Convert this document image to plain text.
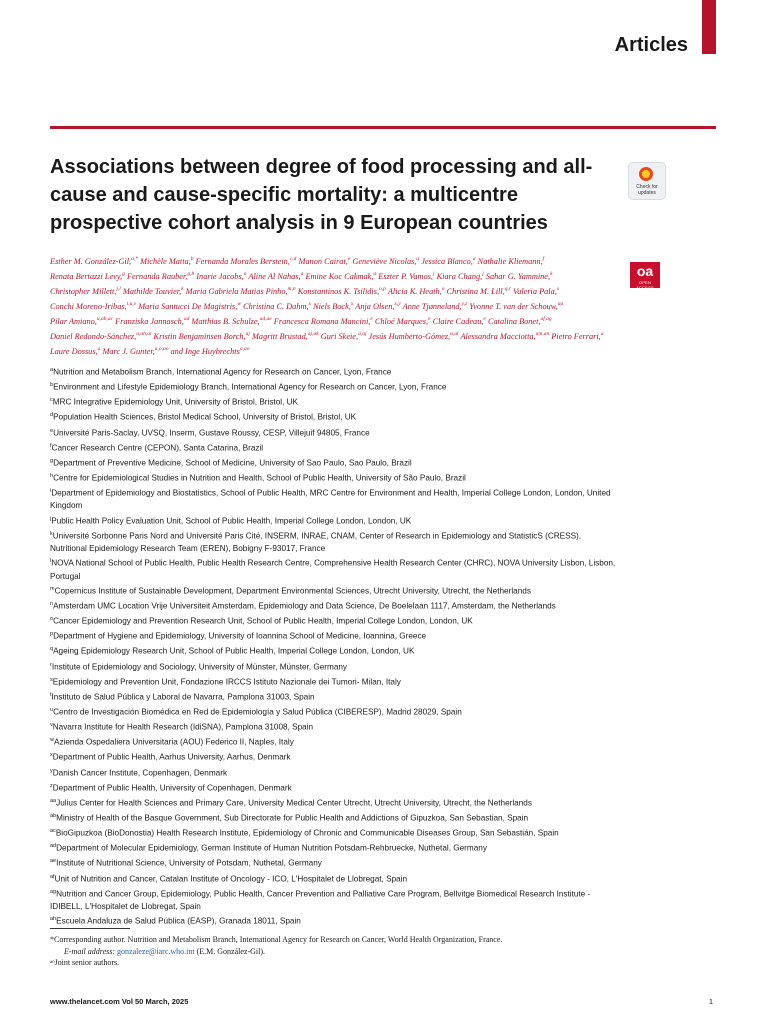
Articles
Associations between degree of food processing and all-cause and cause-specific mortality: a multicentre prospective cohort analysis in 9 European countries
Check for updates
oa
OPEN ACCESS
Esther M. González-Gil,$^{a,*}$ Michèle Matta,$^b$ Fernanda Morales Berstein,$^{c,d}$ Manon Cairat,$^e$ Geneviève Nicolas,$^a$ Jessica Blanco,$^a$ Nathalie Kliemann,$^f$ Renata Bertazzi Levy,$^g$ Fernanda Rauber,$^{g,h}$ Inarie Jacobs,$^a$ Aline Al Nahas,$^a$ Emine Koc Cakmak,$^a$ Eszter P. Vamos,$^j$ Kiara Chang,$^j$ Sahar G. Yammine,$^k$ Christopher Millett,$^{j,l}$ Mathilde Touvier,$^k$ Maria Gabriela Matias Pinho,$^{m,n}$ Konstantinos K. Tsilidis,$^{o,p}$ Alicia K. Heath,$^o$ Christina M. Lill,$^{q,r}$ Valeria Pala,$^s$ Conchi Moreno-Iribas,$^{t,u,v}$ Maria Santucci De Magistris,$^w$ Christina C. Dahm,$^x$ Niels Bock,$^x$ Anja Olsen,$^{x,y}$ Anne Tjønneland,$^{y,z}$ Yvonne T. van der Schouw,$^{aa}$ Pilar Amiano,$^{u,ab,ac}$ Franziska Jannasch,$^{ad}$ Matthias B. Schulze,$^{ad,ae}$ Francesca Romana Mancini,$^e$ Chloé Marques,$^e$ Claire Cadeau,$^e$ Catalina Bonet,$^{af,ag}$ Daniel Redondo-Sánchez,$^{u,ah,ai}$ Kristin Benjaminsen Borch,$^{aj}$ Magritt Brustad,$^{aj,ak}$ Guri Skeie,$^{a,aj}$ Jesús Humberto-Gómez,$^{u,al}$ Alessandra Macciotta,$^{am,an}$ Pietro Ferrari,$^a$ Laure Dossus,$^a$ Marc J. Gunter,$^{a,o,ao}$ and Inge Huybrechts$^{a,ao}$
$^a$Nutrition and Metabolism Branch, International Agency for Research on Cancer, Lyon, France
$^b$Environment and Lifestyle Epidemiology Branch, International Agency for Research on Cancer, Lyon, France
$^c$MRC Integrative Epidemiology Unit, University of Bristol, Bristol, UK
$^d$Population Health Sciences, Bristol Medical School, University of Bristol, Bristol, UK
$^e$Université Paris-Saclay, UVSQ, Inserm, Gustave Roussy, CESP, Villejuif 94805, France
$^f$Cancer Research Centre (CEPON), Santa Catarina, Brazil
$^g$Department of Preventive Medicine, School of Medicine, University of Sao Paulo, Sao Paulo, Brazil
$^h$Centre for Epidemiological Studies in Nutrition and Health, School of Public Health, University of São Paulo, Brazil
$^i$Department of Epidemiology and Biostatistics, School of Public Health, MRC Centre for Environment and Health, Imperial College London, London, United Kingdom
$^j$Public Health Policy Evaluation Unit, School of Public Health, Imperial College London, London, UK
$^k$Université Sorbonne Paris Nord and Université Paris Cité, INSERM, INRAE, CNAM, Center of Research in Epidemiology and StatisticS (CRESS), Nutritional Epidemiology Research Team (EREN), Bobigny F-93017, France
$^l$NOVA National School of Public Health, Public Health Research Centre, Comprehensive Health Research Center (CHRC), NOVA University Lisbon, Lisbon, Portugal
$^m$Copernicus Institute of Sustainable Development, Department Environmental Sciences, Utrecht University, Utrecht, the Netherlands
$^n$Amsterdam UMC Location Vrije Universiteit Amsterdam, Epidemiology and Data Science, De Boelelaan 1117, Amsterdam, the Netherlands
$^o$Cancer Epidemiology and Prevention Research Unit, School of Public Health, Imperial College London, London, UK
$^p$Department of Hygiene and Epidemiology, University of Ioannina School of Medicine, Ioannina, Greece
$^q$Ageing Epidemiology Research Unit, School of Public Health, Imperial College London, London, UK
$^r$Institute of Epidemiology and Sociology, University of Münster, Münster, Germany
$^s$Epidemiology and Prevention Unit, Fondazione IRCCS Istituto Nazionale dei Tumori- Milan, Italy
$^t$Instituto de Salud Pública y Laboral de Navarra, Pamplona 31003, Spain
$^u$Centro de Investigación Biomédica en Red de Epidemiología y Salud Pública (CIBERESP), Madrid 28029, Spain
$^v$Navarra Institute for Health Research (IdiSNA), Pamplona 31008, Spain
$^w$Azienda Ospedaliera Universitaria (AOU) Federico II, Naples, Italy
$^x$Department of Public Health, Aarhus University, Aarhus, Denmark
$^y$Danish Cancer Institute, Copenhagen, Denmark
$^z$Department of Public Health, University of Copenhagen, Denmark
$^{aa}$Julius Center for Health Sciences and Primary Care, University Medical Center Utrecht, Utrecht University, Utrecht, the Netherlands
$^{ab}$Ministry of Health of the Basque Government, Sub Directorate for Public Health and Addictions of Gipuzkoa, San Sebastian, Spain
$^{ac}$BioGipuzkoa (BioDonostia) Health Research Institute, Epidemiology of Chronic and Communicable Diseases Group, San Sebastián, Spain
$^{ad}$Department of Molecular Epidemiology, German Institute of Human Nutrition Potsdam-Rehbruecke, Nuthetal, Germany
$^{ae}$Institute of Nutritional Science, University of Potsdam, Nuthetal, Germany
$^{af}$Unit of Nutrition and Cancer, Catalan Institute of Oncology - ICO, L'Hospitalet de Llobregat, Spain
$^{ag}$Nutrition and Cancer Group, Epidemiology, Public Health, Cancer Prevention and Palliative Care Program, Bellvitge Biomedical Research Institute - IDIBELL, L'Hospitalet de Llobregat, Spain
$^{ah}$Escuela Andaluza de Salud Pública (EASP), Granada 18011, Spain
*Corresponding author. Nutrition and Metabolism Branch, International Agency for Research on Cancer, World Health Organization, France.
E-mail address: gonzaleze@iarc.who.int (E.M. González-Gil).
ᵃᵒJoint senior authors.
www.thelancet.com Vol 50 March, 2025	1
